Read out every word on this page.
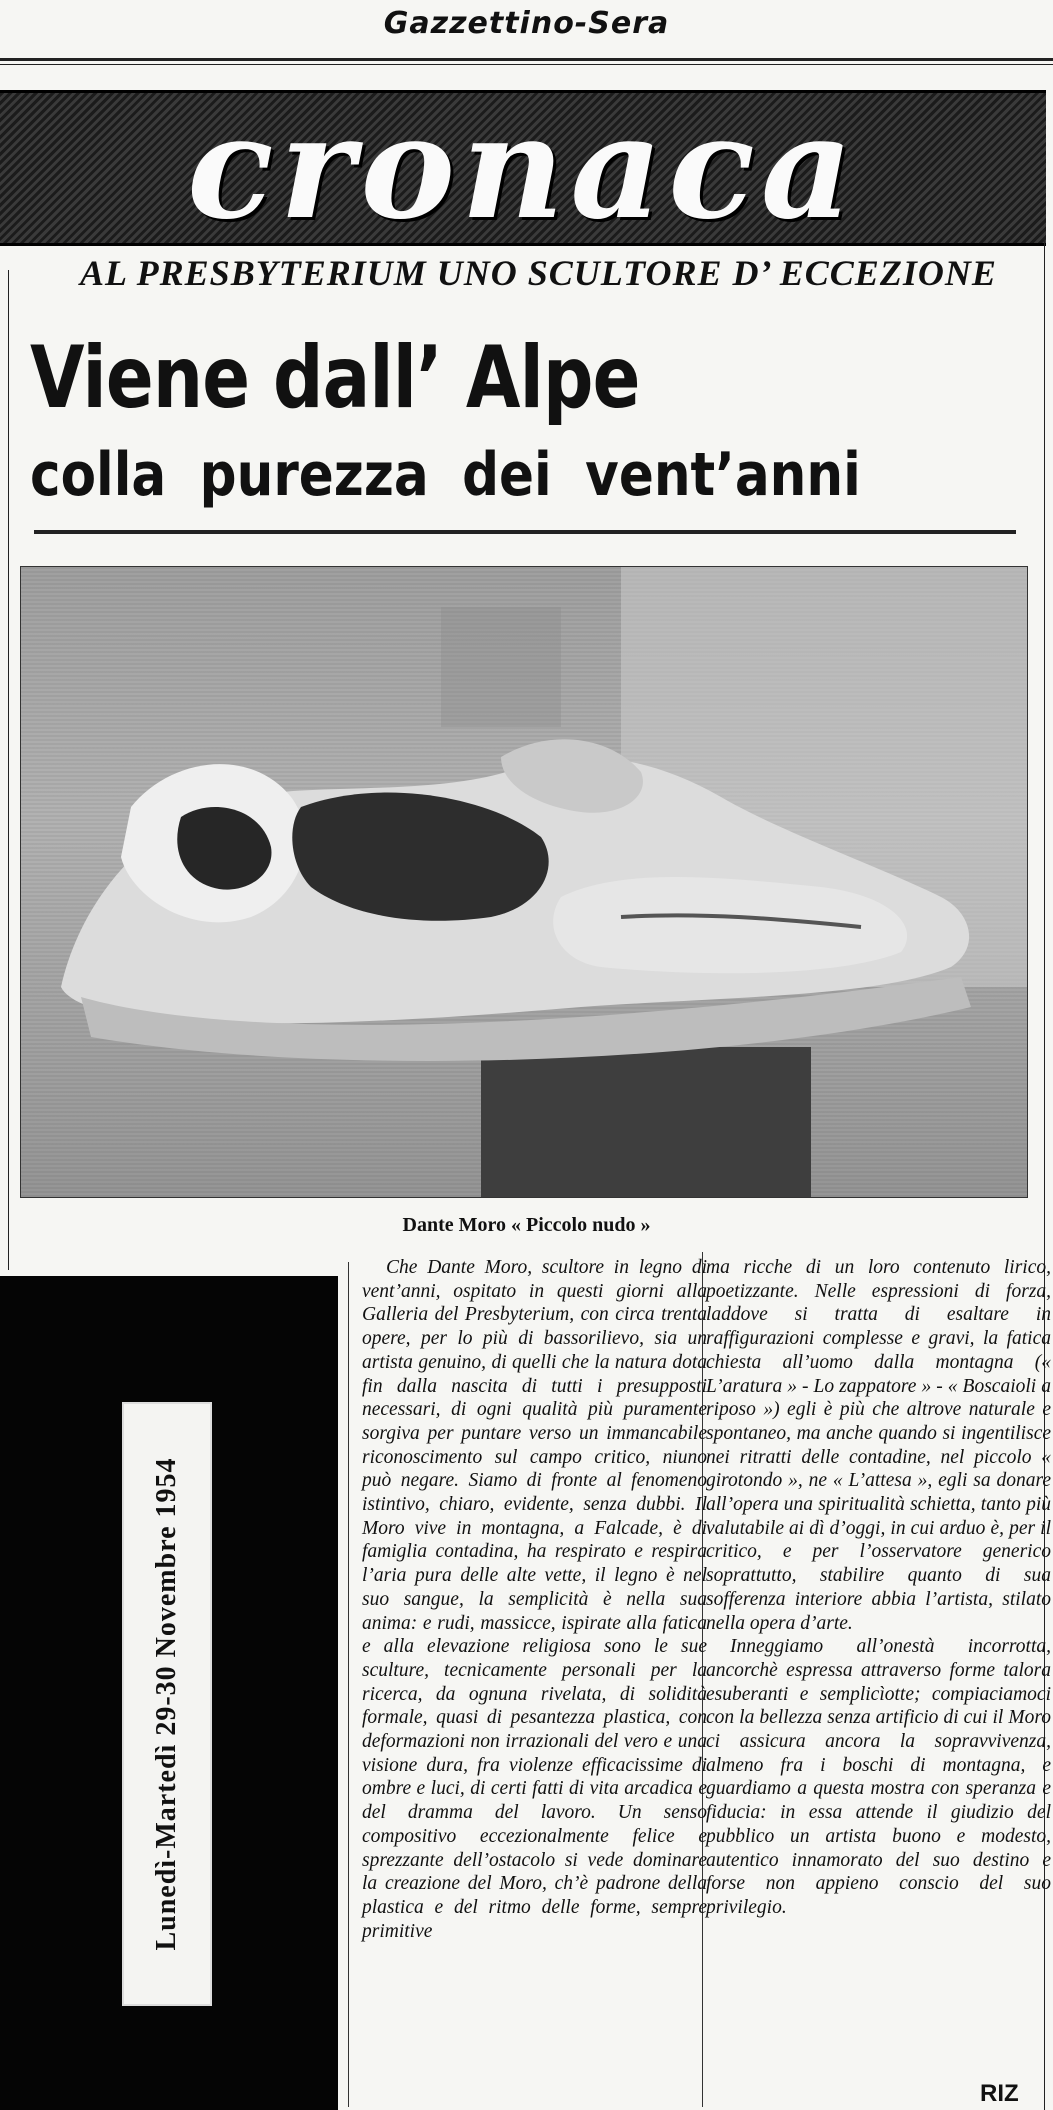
Gazzettino-Sera
cronaca
AL PRESBYTERIUM UNO SCULTORE D’ ECCEZIONE
Viene dall’ Alpe
colla purezza dei vent’anni
Dante Moro « Piccolo nudo »
Lunedì-Martedì 29-30 Novembre 1954

Che Dante Moro, scultore in legno di vent’anni, ospitato in questi giorni alla Galleria del Presbyterium, con circa trenta opere, per lo più di bassorilievo, sia un artista genuino, di quelli che la natura dota fin dalla nascita di tutti i presupposti necessari, di ogni qualità più puramente sorgiva per puntare verso un immancabile riconoscimento sul campo critico, niuno può negare. Siamo di fronte al fenomeno istintivo, chiaro, evidente, senza dubbi. Il Moro vive in montagna, a Falcade, è di famiglia contadina, ha respirato e respira l’aria pura delle alte vette, il legno è nel suo sangue, la semplicità è nella sua anima: e rudi, massicce, ispirate alla fatica e alla elevazione religiosa sono le sue sculture, tecnicamente personali per la ricerca, da ognuna rivelata, di solidità formale, quasi di pesantezza plastica, con deformazioni non irrazionali del vero e una visione dura, fra violenze efficacissime di ombre e luci, di certi fatti di vita arcadica e del dramma del lavoro. Un senso compositivo eccezionalmente felice e sprezzante dell’ostacolo si vede dominare la creazione del Moro, ch’è padrone della plastica e del ritmo delle forme, sempre primitive

ma ricche di un loro contenuto lirico, poetizzante. Nelle espressioni di forza, laddove si tratta di esaltare in raffigurazioni complesse e gravi, la fatica chiesta all’uomo dalla montagna (« L’aratura » - Lo zappatore » - « Boscaioli a riposo ») egli è più che altrove naturale e spontaneo, ma anche quando si ingentilisce nei ritratti delle contadine, nel piccolo « girotondo », ne « L’attesa », egli sa donare all’opera una spiritualità schietta, tanto più valutabile ai dì d’oggi, in cui arduo è, per il critico, e per l’osservatore generico soprattutto, stabilire quanto di sua sofferenza interiore abbia l’artista, stilato nella opera d’arte.

Inneggiamo all’onestà incorrotta, ancorchè espressa attraverso forme talora esuberanti e semplicìotte; compiaciamoci con la bellezza senza artificio di cui il Moro ci assicura ancora la sopravvivenza, almeno fra i boschi di montagna, e guardiamo a questa mostra con speranza e fiducia: in essa attende il giudizio del pubblico un artista buono e modesto, autentico innamorato del suo destino e forse non appieno conscio del suo privilegio.

RIZ
